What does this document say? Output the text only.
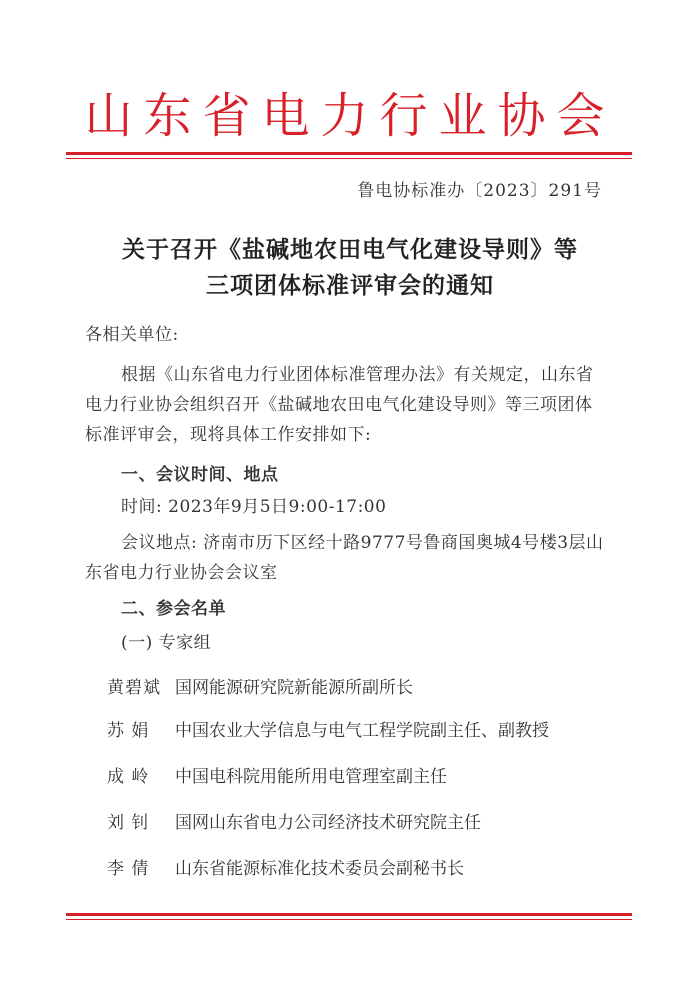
山东省电力行业协会
鲁电协标准办〔2023〕291号
关于召开《盐碱地农田电气化建设导则》等
三项团体标准评审会的通知
各相关单位:
根据《山东省电力行业团体标准管理办法》有关规定，山东省电力行业协会组织召开《盐碱地农田电气化建设导则》等三项团体标准评审会，现将具体工作安排如下:
一、会议时间、地点
时间: 2023年9月5日9:00-17:00
会议地点: 济南市历下区经十路9777号鲁商国奥城4号楼3层山东省电力行业协会会议室
二、参会名单
(一) 专家组
黄碧斌 国网能源研究院新能源所副所长
苏 娟	中国农业大学信息与电气工程学院副主任、副教授
成 岭	中国电科院用能所用电管理室副主任
刘 钊	国网山东省电力公司经济技术研究院主任
李 倩	山东省能源标准化技术委员会副秘书长
